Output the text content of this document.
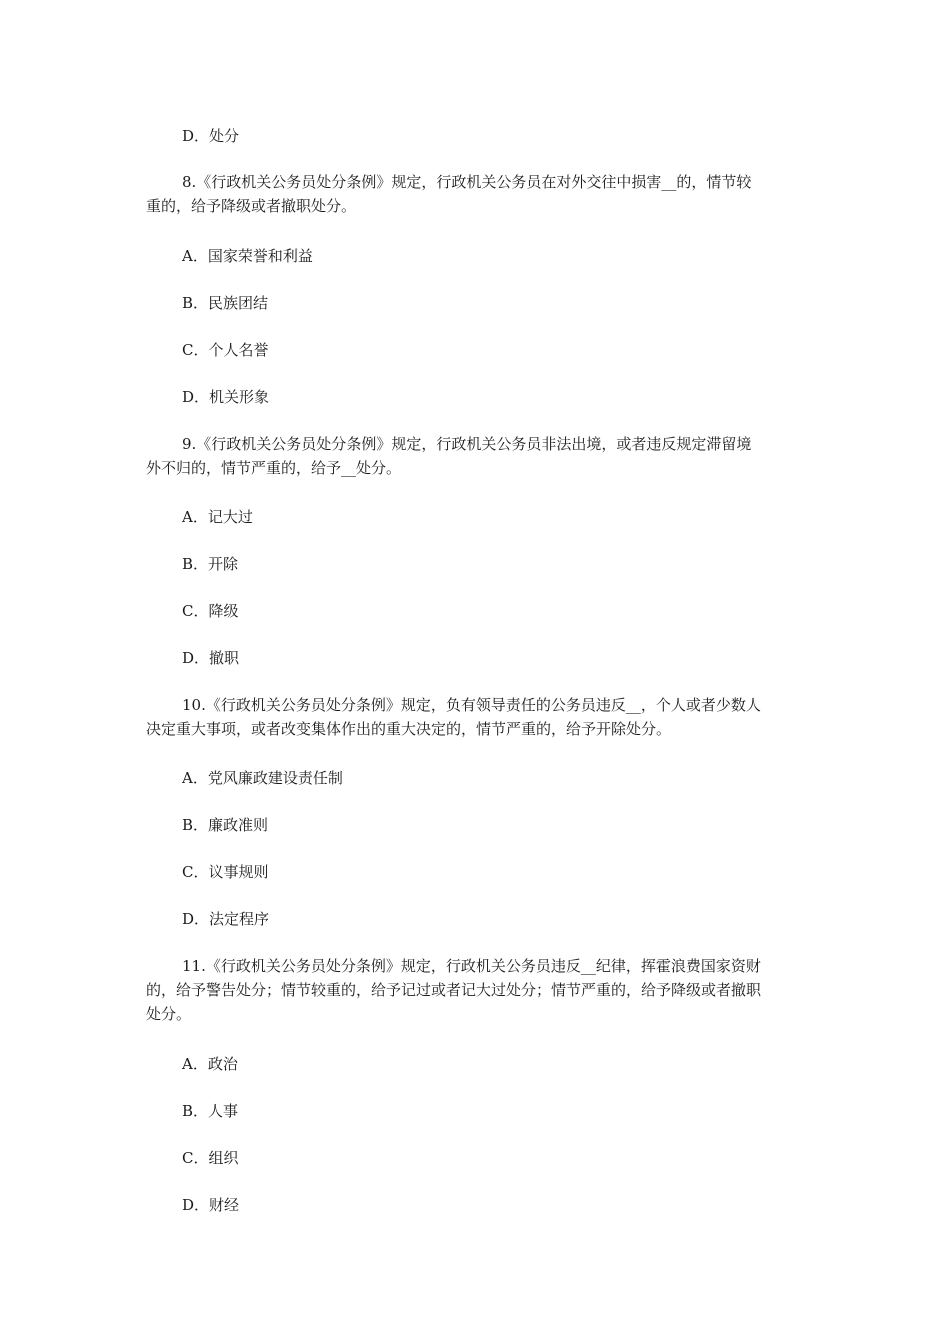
D．处分

8.《行政机关公务员处分条例》规定，行政机关公务员在对外交往中损害__的，情节较
重的，给予降级或者撤职处分。

A．国家荣誉和利益

B．民族团结

C．个人名誉

D．机关形象

9.《行政机关公务员处分条例》规定，行政机关公务员非法出境，或者违反规定滞留境
外不归的，情节严重的，给予__处分。

A．记大过

B．开除

C．降级

D．撤职

10.《行政机关公务员处分条例》规定，负有领导责任的公务员违反__，个人或者少数人
决定重大事项，或者改变集体作出的重大决定的，情节严重的，给予开除处分。

A．党风廉政建设责任制

B．廉政准则

C．议事规则

D．法定程序

11.《行政机关公务员处分条例》规定，行政机关公务员违反__纪律，挥霍浪费国家资财
的，给予警告处分；情节较重的，给予记过或者记大过处分；情节严重的，给予降级或者撤职
处分。

A．政治

B．人事

C．组织

D．财经
